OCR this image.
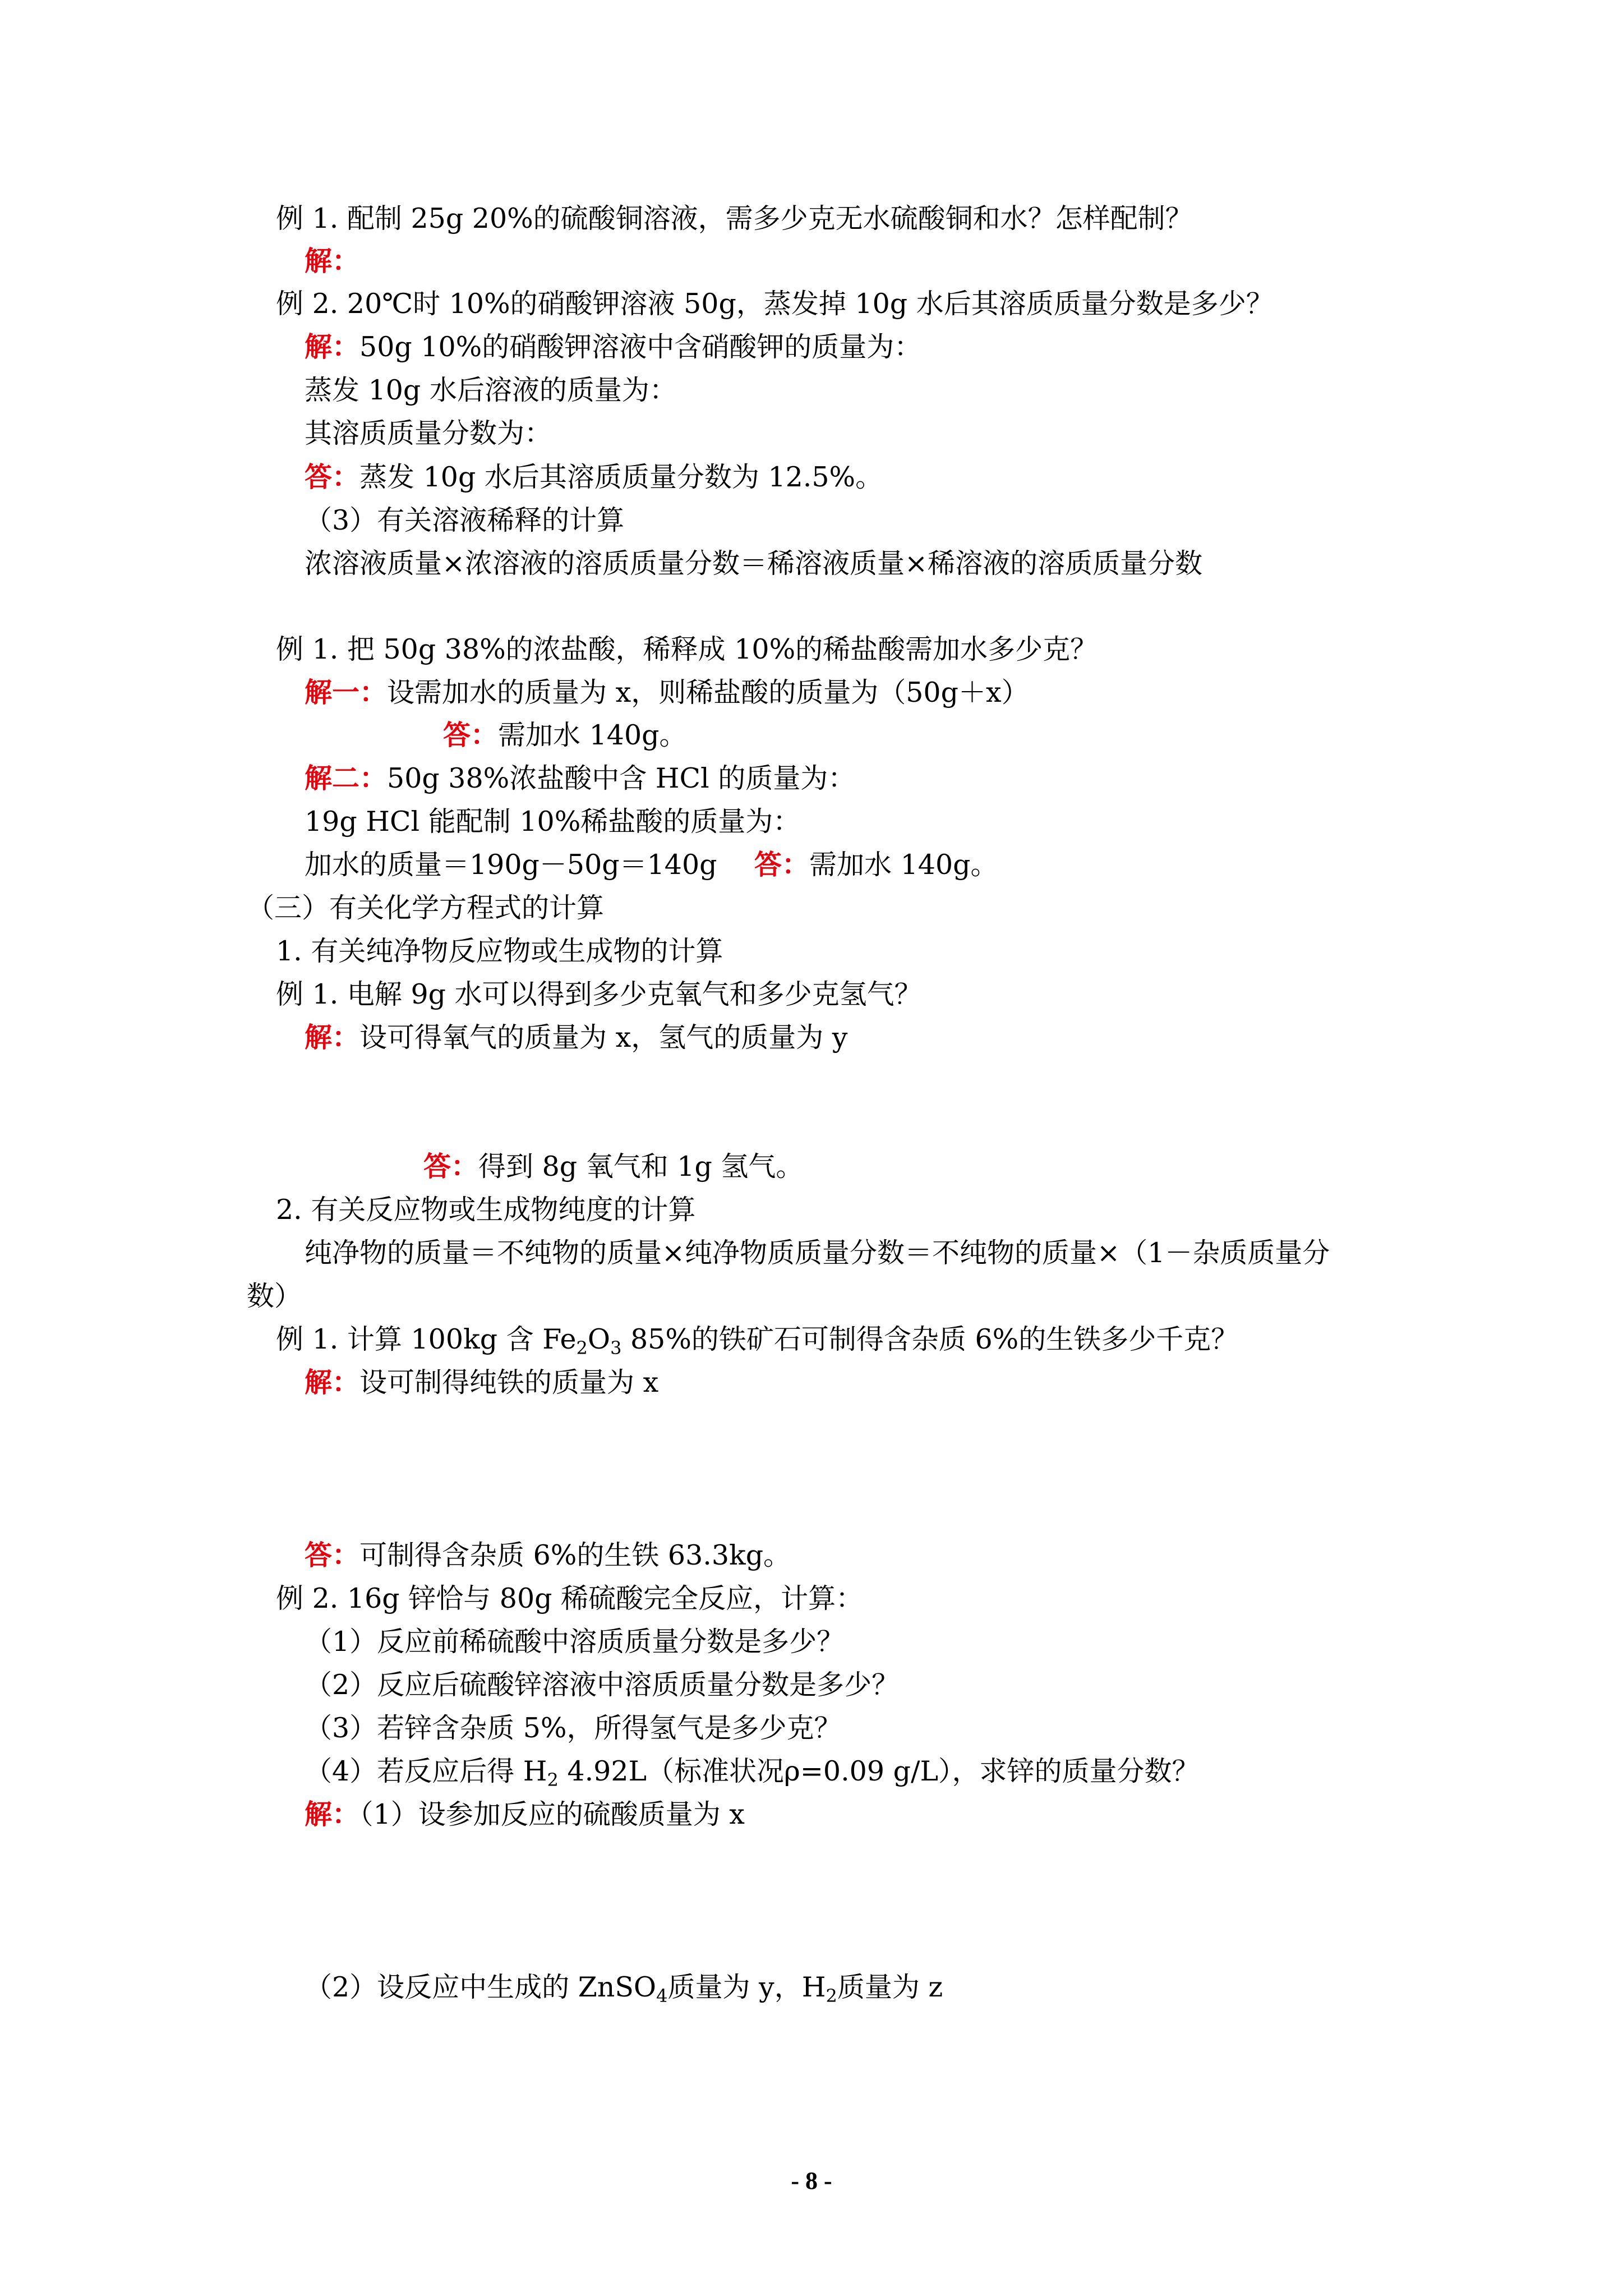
例 1. 配制 25g 20%的硫酸铜溶液，需多少克无水硫酸铜和水？怎样配制？
解：
例 2. 20℃时 10%的硝酸钾溶液 50g，蒸发掉 10g 水后其溶质质量分数是多少？
解：50g 10%的硝酸钾溶液中含硝酸钾的质量为：
蒸发 10g 水后溶液的质量为：
其溶质质量分数为：
答：蒸发 10g 水后其溶质质量分数为 12.5%。
（3）有关溶液稀释的计算
浓溶液质量×浓溶液的溶质质量分数＝稀溶液质量×稀溶液的溶质质量分数
例 1. 把 50g 38%的浓盐酸，稀释成 10%的稀盐酸需加水多少克？
解一：设需加水的质量为 x，则稀盐酸的质量为（50g＋x）
答：需加水 140g。
解二：50g 38%浓盐酸中含 HCl 的质量为：
19g HCl 能配制 10%稀盐酸的质量为：
加水的质量＝190g－50g＝140g 答：需加水 140g。
（三）有关化学方程式的计算
1. 有关纯净物反应物或生成物的计算
例 1. 电解 9g 水可以得到多少克氧气和多少克氢气？
解：设可得氧气的质量为 x，氢气的质量为 y
答：得到 8g 氧气和 1g 氢气。
2. 有关反应物或生成物纯度的计算
纯净物的质量＝不纯物的质量×纯净物质质量分数＝不纯物的质量×（1－杂质质量分
数）
例 1. 计算 100kg 含 $Fe_2O_3$ 85%的铁矿石可制得含杂质 6%的生铁多少千克？
解：设可制得纯铁的质量为 x
答：可制得含杂质 6%的生铁 63.3kg。
例 2. 16g 锌恰与 80g 稀硫酸完全反应，计算：
（1）反应前稀硫酸中溶质质量分数是多少？
（2）反应后硫酸锌溶液中溶质质量分数是多少？
（3）若锌含杂质 5%，所得氢气是多少克？
（4）若反应后得 $H_2$ 4.92L（标准状况ρ=0.09 g/L），求锌的质量分数？
解：（1）设参加反应的硫酸质量为 x
（2）设反应中生成的 ZnSO$_4$质量为 y，$H_2$质量为 z
- 8 -
